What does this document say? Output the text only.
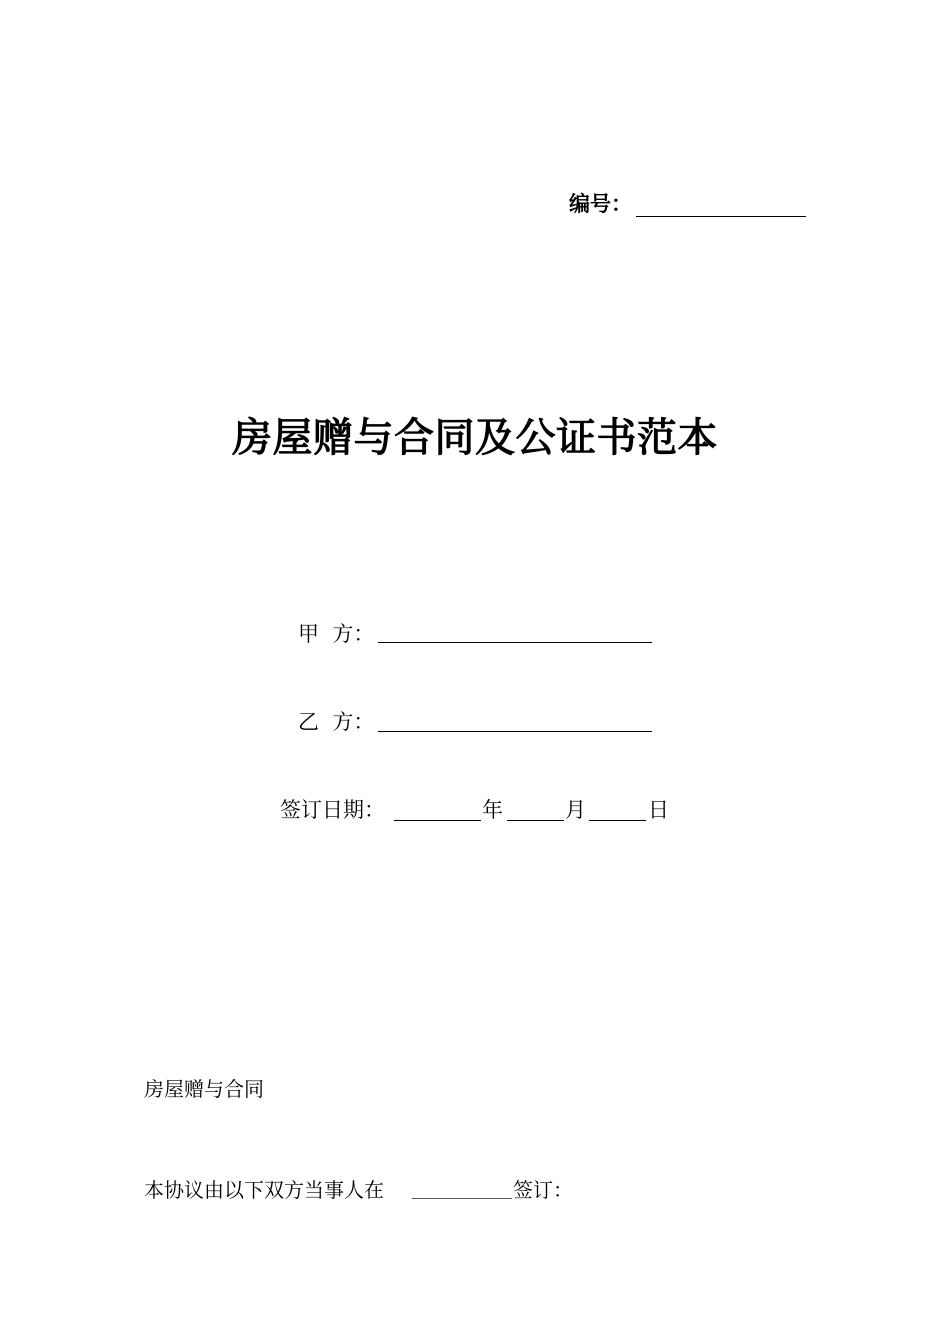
编号：
房屋赠与合同及公证书范本
甲  方：
乙  方：
签订日期：	年	月	日
房屋赠与合同
本协议由以下双方当事人在	签订：
